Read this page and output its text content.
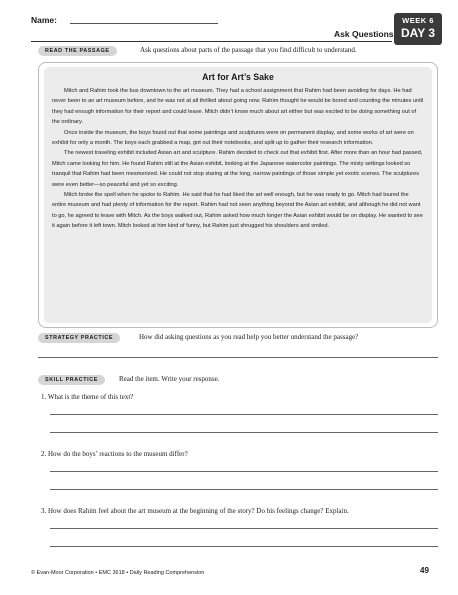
Name:
Ask Questions
WEEK 6
DAY 3
READ THE PASSAGE	Ask questions about parts of the passage that you find difficult to understand.
Art for Art’s Sake

Mitch and Rahim took the bus downtown to the art museum. They had a school assignment that Rahim had been avoiding for days. He had never been to an art museum before, and he was not at all thrilled about going now. Rahim thought he would be bored and counting the minutes until they had enough information for their report and could leave. Mitch didn’t know much about art either but was excited to be doing something out of the ordinary.

Once inside the museum, the boys found out that some paintings and sculptures were on permanent display, and some works of art were on exhibit for only a month. The boys each grabbed a map, got out their notebooks, and split up to gather their research information.

The newest traveling exhibit included Asian art and sculpture. Rahim decided to check out that exhibit first. After more than an hour had passed, Mitch came looking for him. He found Rahim still at the Asian exhibit, looking at the Japanese watercolor paintings. The misty settings looked so tranquil that Rahim had been mesmerized. He could not stop staring at the long, narrow paintings of those simple yet exotic scenes. The sculptures were even better—so peaceful and yet so exciting.

Mitch broke the spell when he spoke to Rahim. He said that he had liked the art well enough, but he was ready to go. Mitch had toured the entire museum and had plenty of information for the report. Rahim had not seen anything beyond the Asian art exhibit, and although he did not want to go, he agreed to leave with Mitch. As the boys walked out, Rahim asked how much longer the Asian exhibit would be on display. He wanted to see it again before it left town. Mitch looked at him kind of funny, but Rahim just shrugged his shoulders and smiled.

STRATEGY PRACTICE	How did asking questions as you read help you better understand the passage?
SKILL PRACTICE	Read the item. Write your response.
1. What is the theme of this text?
2. How do the boys’ reactions to the museum differ?
3. How does Rahim feel about the art museum at the beginning of the story? Do his feelings change? Explain.
© Evan-Moor Corporation • EMC 3618 • Daily Reading Comprehension	49
